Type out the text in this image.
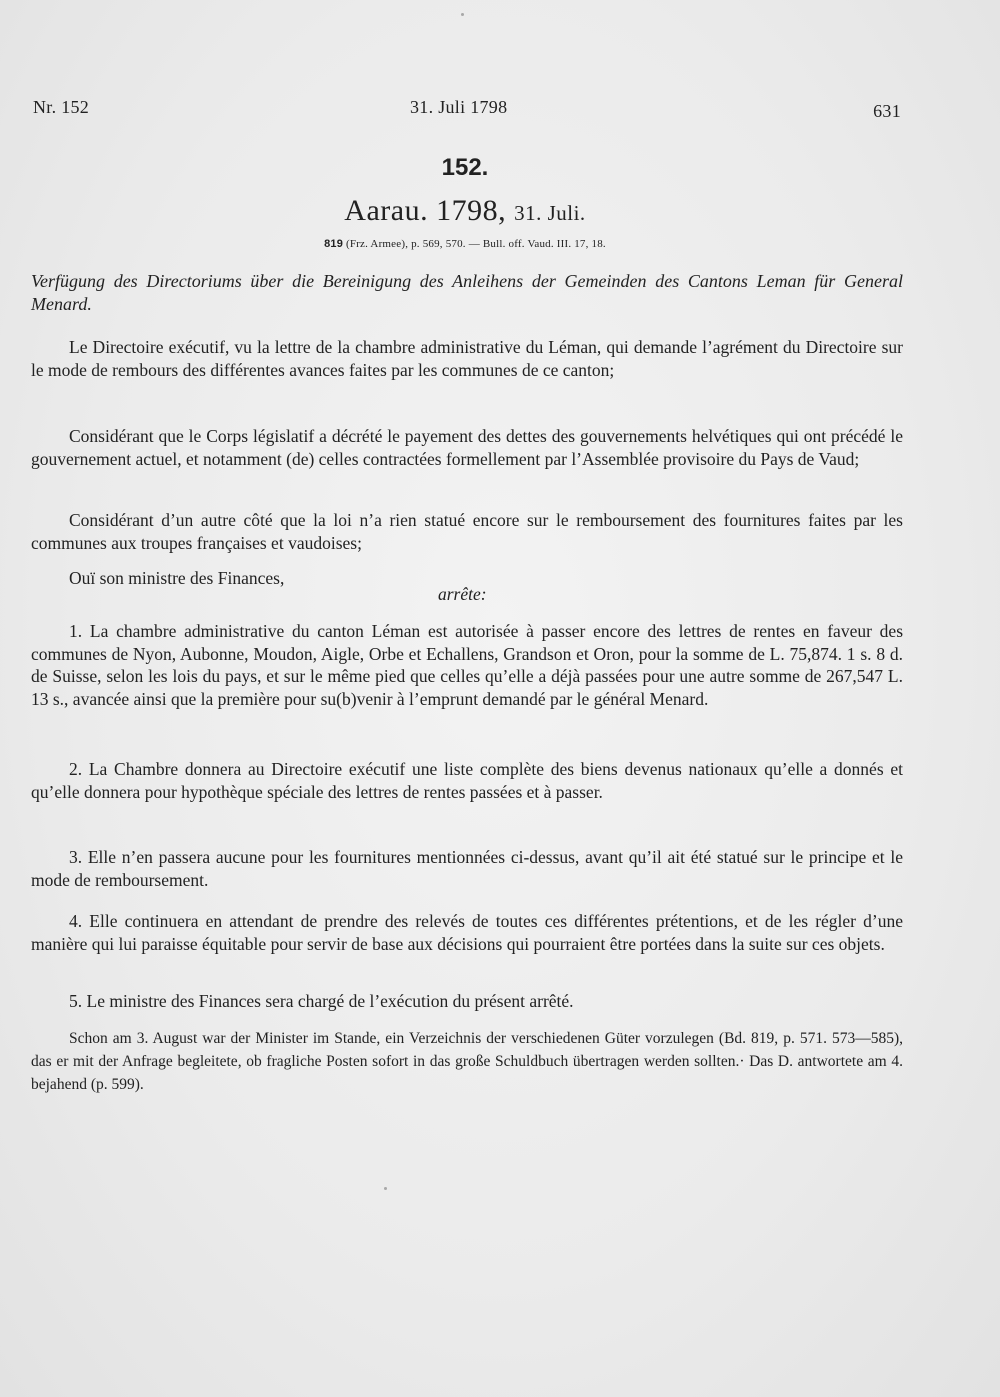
Nr. 152	31. Juli 1798	631
152.
Aarau. 1798, 31. Juli.
819 (Frz. Armee), p. 569, 570. — Bull. off. Vaud. III. 17, 18.
Verfügung des Directoriums über die Bereinigung des Anleihens der Gemeinden des Cantons Leman für General Menard.
Le Directoire exécutif, vu la lettre de la chambre administrative du Léman, qui demande l’agrément du Directoire sur le mode de rembours des différentes avances faites par les communes de ce canton;
Considérant que le Corps législatif a décrété le payement des dettes des gouvernements helvétiques qui ont précédé le gouvernement actuel, et notamment (de) celles contractées formellement par l’Assemblée provisoire du Pays de Vaud;
Considérant d’un autre côté que la loi n’a rien statué encore sur le remboursement des fournitures faites par les communes aux troupes françaises et vaudoises;
Ouï son ministre des Finances,
arrête:
1. La chambre administrative du canton Léman est autorisée à passer encore des lettres de rentes en faveur des communes de Nyon, Aubonne, Moudon, Aigle, Orbe et Echallens, Grandson et Oron, pour la somme de L. 75,874. 1 s. 8 d. de Suisse, selon les lois du pays, et sur le même pied que celles qu’elle a déjà passées pour une autre somme de 267,547 L. 13 s., avancée ainsi que la première pour su(b)venir à l’emprunt demandé par le général Menard.
2. La Chambre donnera au Directoire exécutif une liste complète des biens devenus nationaux qu’elle a donnés et qu’elle donnera pour hypothèque spéciale des lettres de rentes passées et à passer.
3. Elle n’en passera aucune pour les fournitures mentionnées ci-dessus, avant qu’il ait été statué sur le principe et le mode de remboursement.
4. Elle continuera en attendant de prendre des relevés de toutes ces différentes prétentions, et de les régler d’une manière qui lui paraisse équitable pour servir de base aux décisions qui pourraient être portées dans la suite sur ces objets.
5. Le ministre des Finances sera chargé de l’exécution du présent arrêté.
Schon am 3. August war der Minister im Stande, ein Verzeichnis der verschiedenen Güter vorzulegen (Bd. 819, p. 571. 573—585), das er mit der Anfrage begleitete, ob fragliche Posten sofort in das große Schuldbuch übertragen werden sollten.· Das D. antwortete am 4. bejahend (p. 599).
